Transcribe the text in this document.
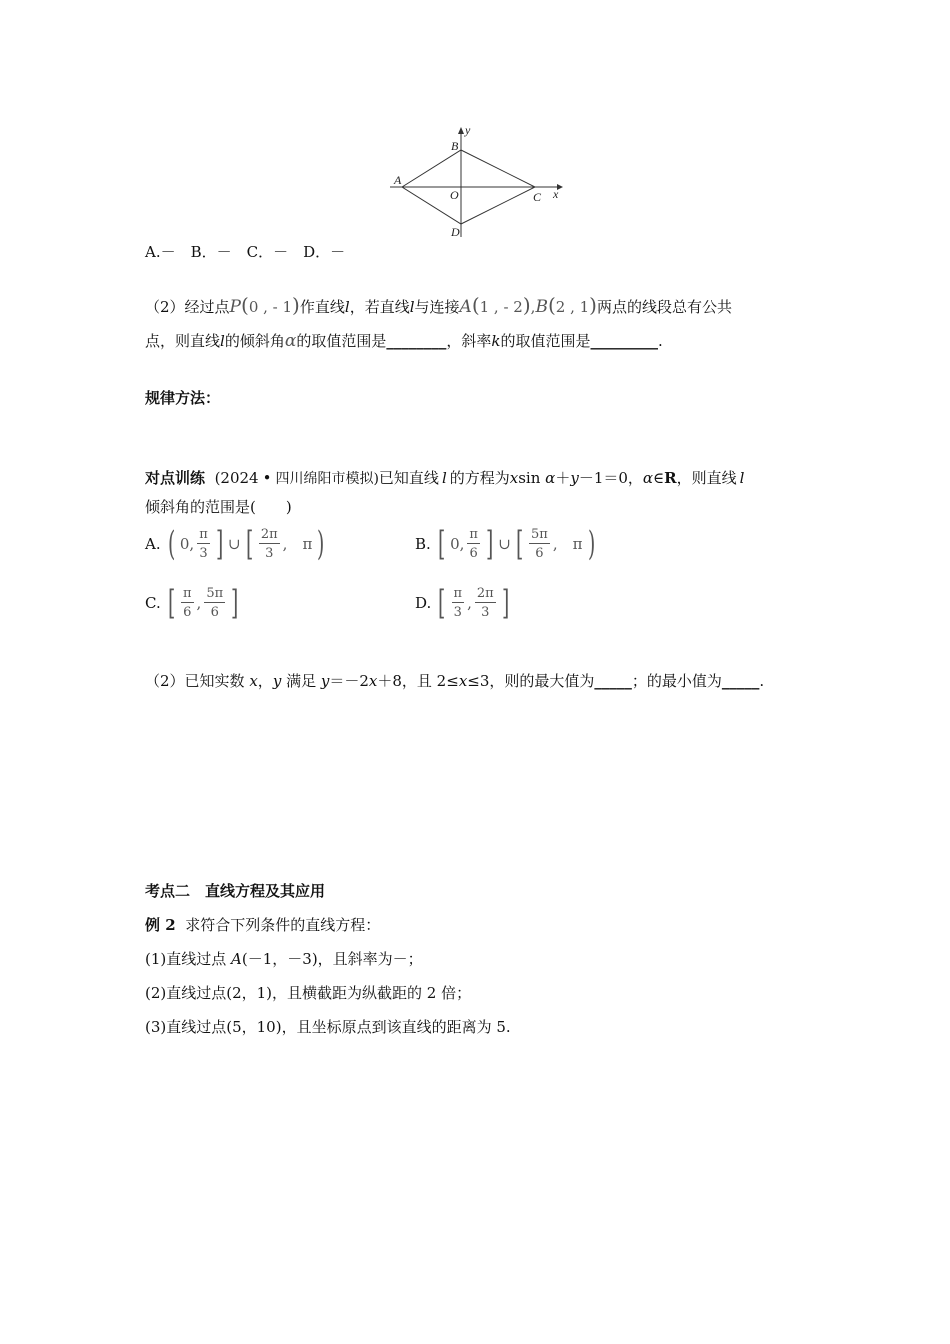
y
x
A
B
C
D
O
A.－　B．－　C．－　D．－
（2）经过点P(0 , - 1)作直线l，若直线l与连接A(1 , - 2),B(2 , 1)两点的线段总有公共
点，则直线l的倾斜角α的取值范围是________，斜率k的取值范围是_________.
规律方法：
对点训练 (2024 • 四川绵阳市模拟)已知直线 l 的方程为xsin α＋y－1＝0，α∈R，则直线 l
倾斜角的范围是(　　)
A. ( 0, $\frac{\pi}{3}$ ] ∪ [ $\frac{2\pi}{3}$ ,　π )	B. [ 0, $\frac{\pi}{6}$ ] ∪ [ $\frac{5\pi}{6}$ ,　π )
C. [ $\frac{\pi}{6}$ , $\frac{5\pi}{6}$ ]	D. [ $\frac{\pi}{3}$ , $\frac{2\pi}{3}$ ]
（2）已知实数 x，y 满足 y＝－2x＋8，且 2≤x≤3，则的最大值为_____；的最小值为_____.
考点二　直线方程及其应用
例 2 求符合下列条件的直线方程：
(1)直线过点 A(－1，－3)，且斜率为－；
(2)直线过点(2，1)，且横截距为纵截距的 2 倍；
(3)直线过点(5，10)，且坐标原点到该直线的距离为 5.
